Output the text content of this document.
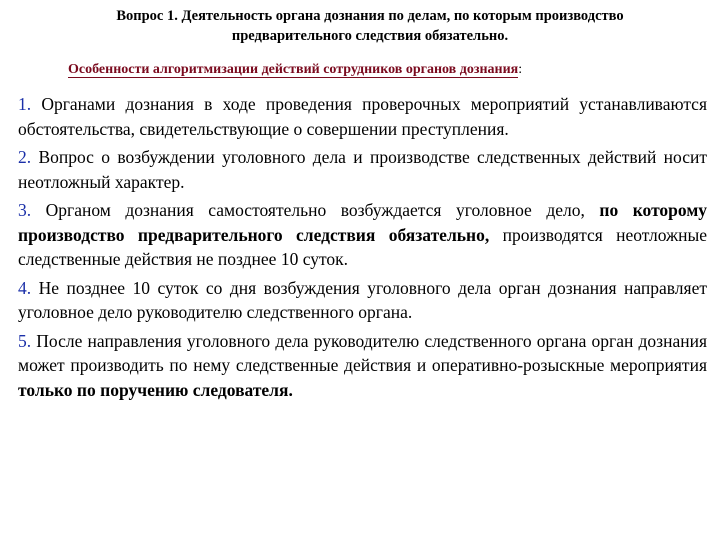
Вопрос 1. Деятельность органа дознания по делам, по которым производство
предварительного следствия обязательно.
Особенности алгоритмизации действий сотрудников органов дознания:

1. Органами дознания в ходе проведения проверочных мероприятий устанавливаются обстоятельства, свидетельствующие о совершении преступления.

2. Вопрос о возбуждении уголовного дела и производстве следственных действий носит неотложный характер.

3. Органом дознания самостоятельно возбуждается уголовное дело, по которому производство предварительного следствия обязательно, производятся неотложные следственные действия не позднее 10 суток.

4. Не позднее 10 суток со дня возбуждения уголовного дела орган дознания направляет уголовное дело руководителю следственного органа.

5. После направления уголовного дела руководителю следственного органа орган дознания может производить по нему следственные действия и оперативно-розыскные мероприятия только по поручению следователя.
